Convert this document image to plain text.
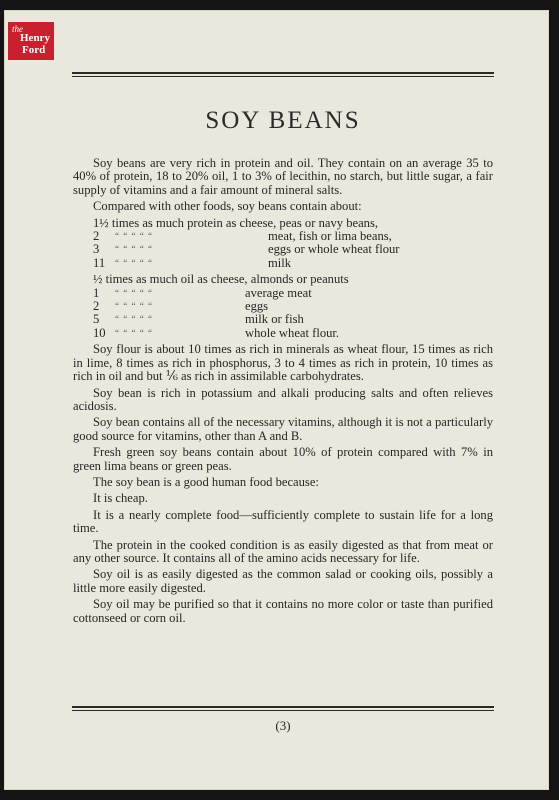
the
Henry
Ford
SOY BEANS

Soy beans are very rich in protein and oil. They contain on an average 35 to 40% of protein, 18 to 20% oil, 1 to 3% of lecithin, no starch, but little sugar, a fair supply of vitamins and a fair amount of mineral salts.

Compared with other foods, soy beans contain about:

1½ times as much protein as cheese, peas or navy beans,
2	“ “ “ “ “	meat, fish or lima beans,
3	“ “ “ “ “	eggs or whole wheat flour
11	“ “ “ “ “	milk
½ times as much oil as cheese, almonds or peanuts
1	“ “ “ “ “	average meat
2	“ “ “ “ “	eggs
5	“ “ “ “ “	milk or fish
10	“ “ “ “ “	whole wheat flour.

Soy flour is about 10 times as rich in minerals as wheat flour, 15 times as rich in lime, 8 times as rich in phosphorus, 3 to 4 times as rich in protein, 10 times as rich in oil and but ⅙ as rich in assimilable carbohydrates.

Soy bean is rich in potassium and alkali producing salts and often relieves acidosis.

Soy bean contains all of the necessary vitamins, although it is not a particularly good source for vitamins, other than A and B.

Fresh green soy beans contain about 10% of protein compared with 7% in green lima beans or green peas.

The soy bean is a good human food because:

It is cheap.

It is a nearly complete food—sufficiently complete to sustain life for a long time.

The protein in the cooked condition is as easily digested as that from meat or any other source. It contains all of the amino acids necessary for life.

Soy oil is as easily digested as the common salad or cooking oils, possibly a little more easily digested.

Soy oil may be purified so that it contains no more color or taste than purified cottonseed or corn oil.

(3)
